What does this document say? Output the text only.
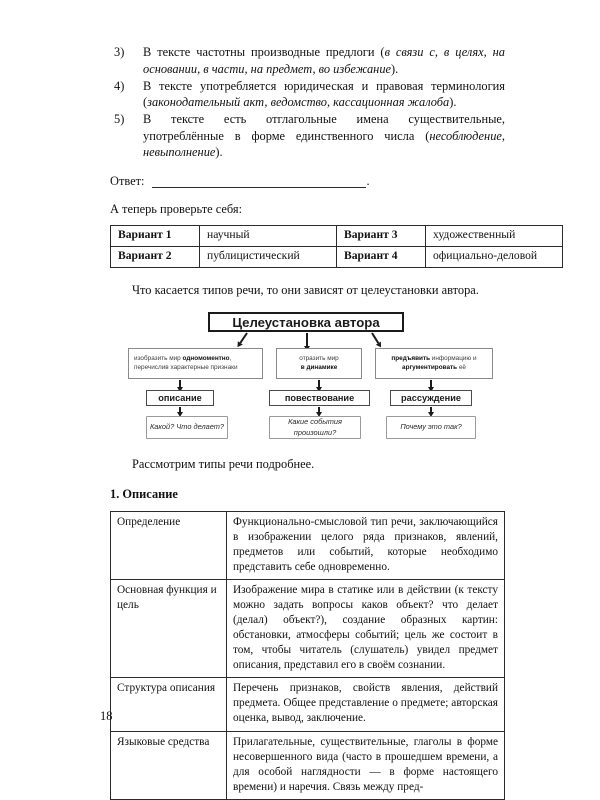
3)	В тексте частотны производные предлоги (в связи с, в целях, на основании, в части, на предмет, во избежание).
4)	В тексте употребляется юридическая и правовая терминология (законодательный акт, ведомство, кассационная жалоба).
5)	В тексте есть отглагольные имена существительные, употреблённые в форме единственного числа (несоблюдение, невыполнение).
Ответ:	.
А теперь проверьте себя:
Вариант 1	научный	Вариант 3	художественный
Вариант 2	публицистический	Вариант 4	официально-деловой
Что касается типов речи, то они зависят от целеустановки автора.
Целеустановка автора
изобразить мир одномоментно, перечислив характерные признаки
отразить мир
в динамике
предъявить информацию и аргументировать её
описание	повествование	рассуждение
Какой? Что делает?
Какие события произошли?
Почему это так?
Рассмотрим типы речи подробнее.
1. Описание
Определение	Функционально-смысловой тип речи, заключающийся в изображении целого ряда признаков, явлений, предметов или событий, которые необходимо представить себе одновременно.
Основная функция и цель	Изображение мира в статике или в действии (к тексту можно задать вопросы каков объект? что делает (делал) объект?), создание образных картин: обстановки, атмосферы событий; цель же состоит в том, чтобы читатель (слушатель) увидел предмет описания, представил его в своём сознании.
Структура описания	Перечень признаков, свойств явления, действий предмета. Общее представление о предмете; авторская оценка, вывод, заключение.
Языковые средства	Прилагательные, существительные, глаголы в форме несовершенного вида (часто в прошедшем времени, а для особой наглядности — в форме настоящего времени) и наречия. Связь между пред-
18
